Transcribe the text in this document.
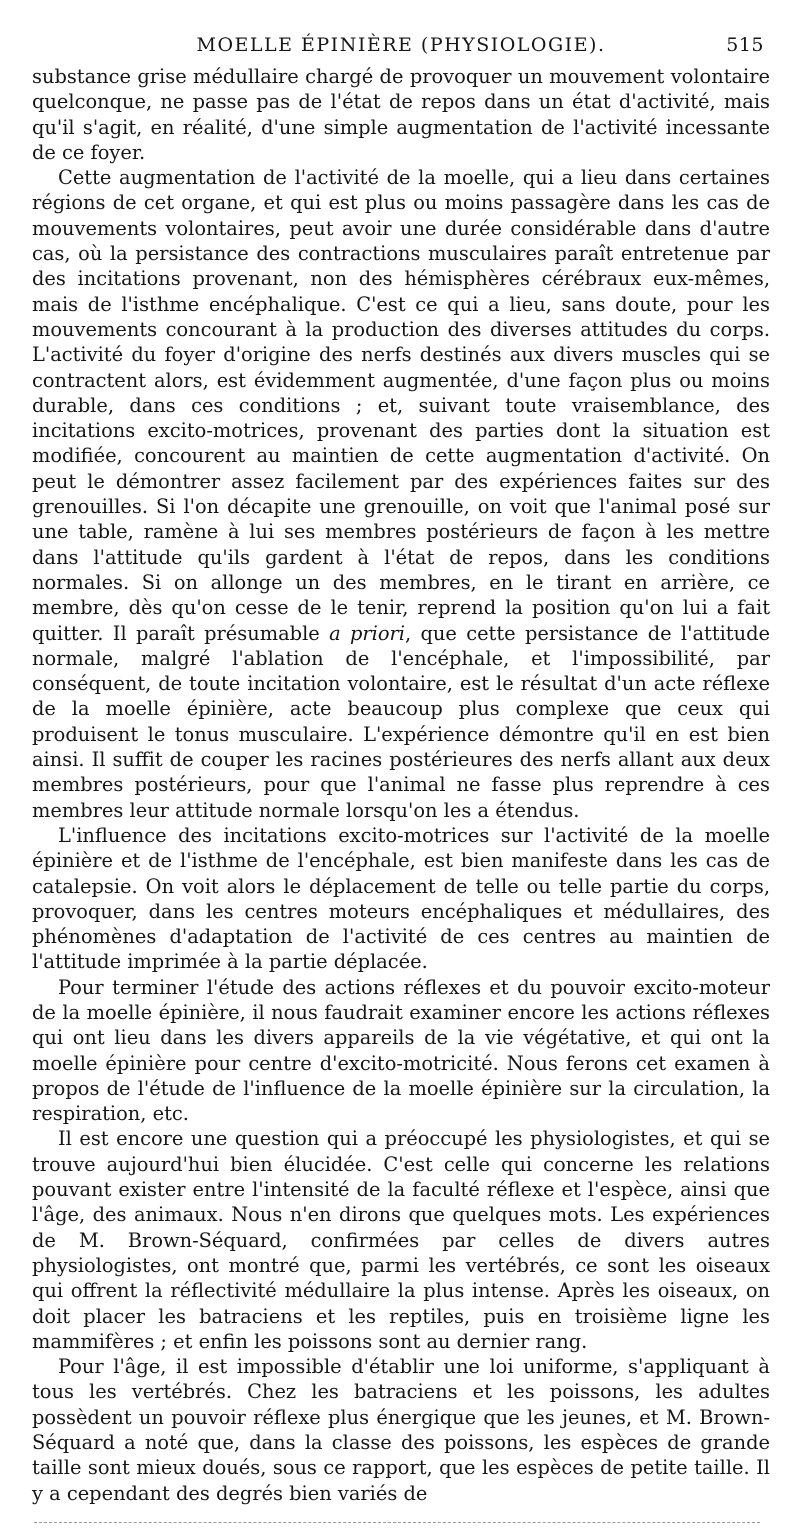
MOELLE ÉPINIÈRE (PHYSIOLOGIE).	515

substance grise médullaire chargé de provoquer un mouvement volontaire quelconque, ne passe pas de l'état de repos dans un état d'activité, mais qu'il s'agit, en réalité, d'une simple augmentation de l'activité incessante de ce foyer.

Cette augmentation de l'activité de la moelle, qui a lieu dans certaines régions de cet organe, et qui est plus ou moins passagère dans les cas de mouvements volontaires, peut avoir une durée considérable dans d'autre cas, où la persistance des contractions musculaires paraît entretenue par des incitations provenant, non des hémisphères cérébraux eux-mêmes, mais de l'isthme encéphalique. C'est ce qui a lieu, sans doute, pour les mouvements concourant à la production des diverses attitudes du corps. L'activité du foyer d'origine des nerfs destinés aux divers muscles qui se contractent alors, est évidemment augmentée, d'une façon plus ou moins durable, dans ces conditions ; et, suivant toute vraisemblance, des incitations excito-motrices, provenant des parties dont la situation est modifiée, concourent au maintien de cette augmentation d'activité. On peut le démontrer assez facilement par des expériences faites sur des grenouilles. Si l'on décapite une grenouille, on voit que l'animal posé sur une table, ramène à lui ses membres postérieurs de façon à les mettre dans l'attitude qu'ils gardent à l'état de repos, dans les conditions normales. Si on allonge un des membres, en le tirant en arrière, ce membre, dès qu'on cesse de le tenir, reprend la position qu'on lui a fait quitter. Il paraît présumable a priori, que cette persistance de l'attitude normale, malgré l'ablation de l'encéphale, et l'impossibilité, par conséquent, de toute incitation volontaire, est le résultat d'un acte réflexe de la moelle épinière, acte beaucoup plus complexe que ceux qui produisent le tonus musculaire. L'expérience démontre qu'il en est bien ainsi. Il suffit de couper les racines postérieures des nerfs allant aux deux membres postérieurs, pour que l'animal ne fasse plus reprendre à ces membres leur attitude normale lorsqu'on les a étendus.

L'influence des incitations excito-motrices sur l'activité de la moelle épinière et de l'isthme de l'encéphale, est bien manifeste dans les cas de catalepsie. On voit alors le déplacement de telle ou telle partie du corps, provoquer, dans les centres moteurs encéphaliques et médullaires, des phénomènes d'adaptation de l'activité de ces centres au maintien de l'attitude imprimée à la partie déplacée.

Pour terminer l'étude des actions réflexes et du pouvoir excito-moteur de la moelle épinière, il nous faudrait examiner encore les actions réflexes qui ont lieu dans les divers appareils de la vie végétative, et qui ont la moelle épinière pour centre d'excito-motricité. Nous ferons cet examen à propos de l'étude de l'influence de la moelle épinière sur la circulation, la respiration, etc.

Il est encore une question qui a préoccupé les physiologistes, et qui se trouve aujourd'hui bien élucidée. C'est celle qui concerne les relations pouvant exister entre l'intensité de la faculté réflexe et l'espèce, ainsi que l'âge, des animaux. Nous n'en dirons que quelques mots. Les expériences de M. Brown-Séquard, confirmées par celles de divers autres physiologistes, ont montré que, parmi les vertébrés, ce sont les oiseaux qui offrent la réflectivité médullaire la plus intense. Après les oiseaux, on doit placer les batraciens et les reptiles, puis en troisième ligne les mammifères ; et enfin les poissons sont au dernier rang.

Pour l'âge, il est impossible d'établir une loi uniforme, s'appliquant à tous les vertébrés. Chez les batraciens et les poissons, les adultes possèdent un pouvoir réflexe plus énergique que les jeunes, et M. Brown-Séquard a noté que, dans la classe des poissons, les espèces de grande taille sont mieux doués, sous ce rapport, que les espèces de petite taille. Il y a cependant des degrés bien variés de
